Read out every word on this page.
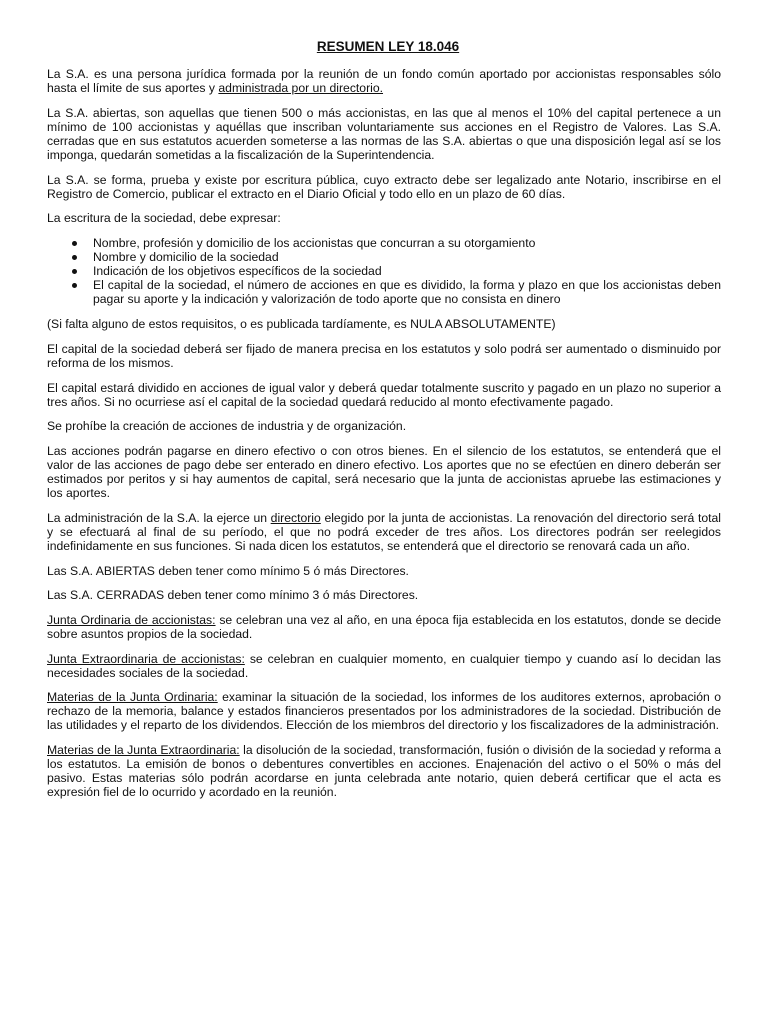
RESUMEN LEY 18.046

La S.A. es una persona jurídica formada por la reunión de un fondo común aportado por accionistas responsables sólo hasta el límite de sus aportes y administrada por un directorio.

La S.A. abiertas, son aquellas que tienen 500 o más accionistas, en las que al menos el 10% del capital pertenece a un mínimo de 100 accionistas y aquéllas que inscriban voluntariamente sus acciones en el Registro de Valores. Las S.A. cerradas que en sus estatutos acuerden someterse a las normas de las S.A. abiertas o que una disposición legal así se los imponga, quedarán sometidas a la fiscalización de la Superintendencia.

La S.A. se forma, prueba y existe por escritura pública, cuyo extracto debe ser legalizado ante Notario, inscribirse en el Registro de Comercio, publicar el extracto en el Diario Oficial y todo ello en un plazo de 60 días.

La escritura de la sociedad, debe expresar:

Nombre, profesión y domicilio de los accionistas que concurran a su otorgamiento
Nombre y domicilio de la sociedad
Indicación de los objetivos específicos de la sociedad
El capital de la sociedad, el número de acciones en que es dividido, la forma y plazo en que los accionistas deben pagar su aporte y la indicación y valorización de todo aporte que no consista en dinero

(Si falta alguno de estos requisitos, o es publicada tardíamente, es NULA ABSOLUTAMENTE)

El capital de la sociedad deberá ser fijado de manera precisa en los estatutos y solo podrá ser aumentado o disminuido por reforma de los mismos.

El capital estará dividido en acciones de igual valor y deberá quedar totalmente suscrito y pagado en un plazo no superior a tres años. Si no ocurriese así el capital de la sociedad quedará reducido al monto efectivamente pagado.

Se prohíbe la creación de acciones de industria y de organización.

Las acciones podrán pagarse en dinero efectivo o con otros bienes. En el silencio de los estatutos, se entenderá que el valor de las acciones de pago debe ser enterado en dinero efectivo. Los aportes que no se efectúen en dinero deberán ser estimados por peritos y si hay aumentos de capital, será necesario que la junta de accionistas apruebe las estimaciones y los aportes.

La administración de la S.A. la ejerce un directorio elegido por la junta de accionistas. La renovación del directorio será total y se efectuará al final de su período, el que no podrá exceder de tres años. Los directores podrán ser reelegidos indefinidamente en sus funciones. Si nada dicen los estatutos, se entenderá que el directorio se renovará cada un año.

Las S.A. ABIERTAS deben tener como mínimo 5 ó más Directores.

Las S.A. CERRADAS deben tener como mínimo 3 ó más Directores.

Junta Ordinaria de accionistas: se celebran una vez al año, en una época fija establecida en los estatutos, donde se decide sobre asuntos propios de la sociedad.

Junta Extraordinaria de accionistas: se celebran en cualquier momento, en cualquier tiempo y cuando así lo decidan las necesidades sociales de la sociedad.

Materias de la Junta Ordinaria: examinar la situación de la sociedad, los informes de los auditores externos, aprobación o rechazo de la memoria, balance y estados financieros presentados por los administradores de la sociedad. Distribución de las utilidades y el reparto de los dividendos. Elección de los miembros del directorio y los fiscalizadores de la administración.

Materias de la Junta Extraordinaria: la disolución de la sociedad, transformación, fusión o división de la sociedad y reforma a los estatutos. La emisión de bonos o debentures convertibles en acciones. Enajenación del activo o el 50% o más del pasivo. Estas materias sólo podrán acordarse en junta celebrada ante notario, quien deberá certificar que el acta es expresión fiel de lo ocurrido y acordado en la reunión.
